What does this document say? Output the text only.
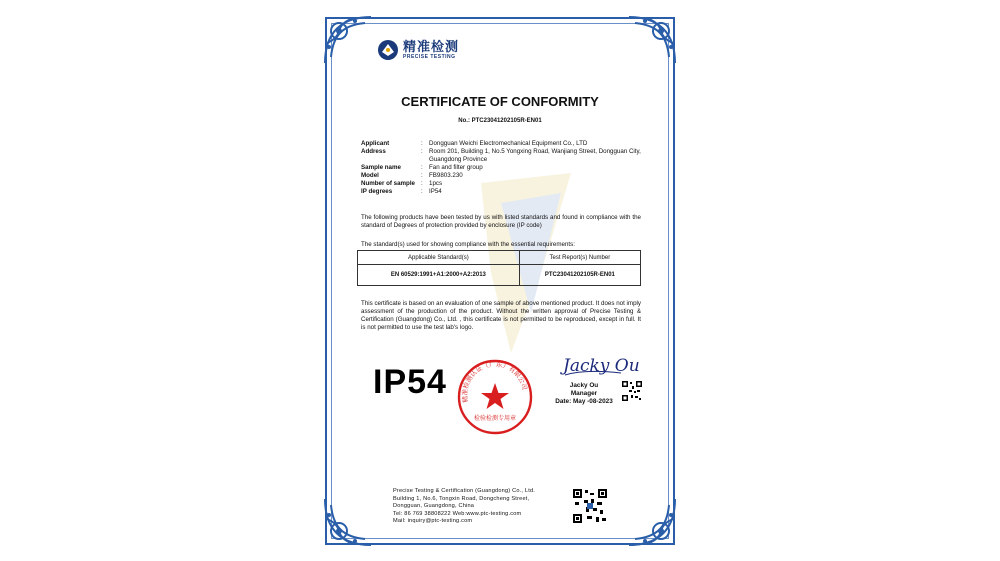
精准检测
PRECISE TESTING
CERTIFICATE OF CONFORMITY
No.: PTC23041202105R-EN01
Applicant	:	Dongguan Weichi Electromechanical Equipment Co., LTD
Address	:	Room 201, Building 1, No.5 Yongxing Road, Wanjiang Street, Dongguan City, Guangdong Province
Sample name	:	Fan and filter group
Model	:	FB9803.230
Number of sample :	1pcs
IP degrees	:	IP54
The following products have been tested by us with listed standards and found in compliance with the standard of Degrees of protection provided by enclosure (IP code)
The standard(s) used for showing compliance with the essential requirements:
Applicable Standard(s)	Test Report(s) Number
EN 60529:1991+A1:2000+A2:2013	PTC23041202105R-EN01
This certificate is based on an evaluation of one sample of above mentioned product. It does not imply assessment of the production of the product. Without the written approval of Precise Testing & Certification (Guangdong) Co., Ltd. , this certificate is not permitted to be reproduced, except in full. It is not permitted to use the test lab's logo.
IP54 精准检测认证（广东）有限公司
检验检测专用章
Jacky Ou
Jacky Ou
Manager
Date: May -08-2023
Precise Testing & Certification (Guangdong) Co., Ltd.
Building 1, No.6, Tongxin Road, Dongcheng Street,
Dongguan, Guangdong, China
Tel: 86 769 38808222 Web:www.ptc-testing.com
Mail: inquiry@ptc-testing.com
